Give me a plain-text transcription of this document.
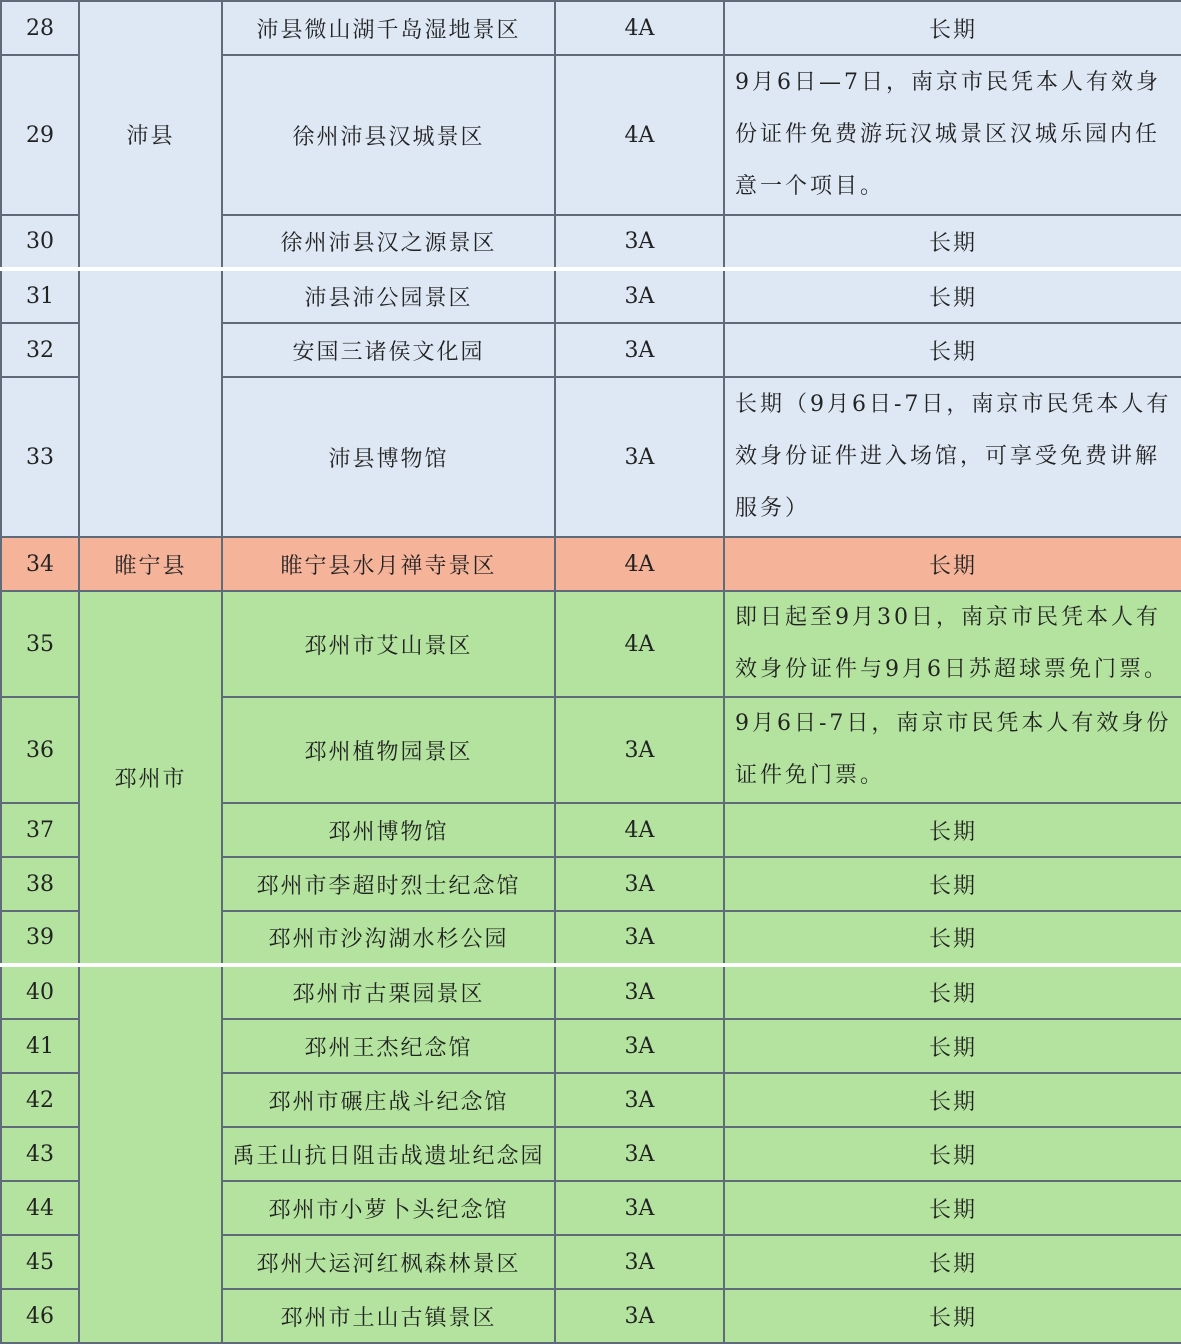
28	沛县	沛县微山湖千岛湿地景区	4A	长期
29		徐州沛县汉城景区	4A	9月6日—7日，南京市民凭本人有效身份证件免费游玩汉城景区汉城乐园内任意一个项目。
30		徐州沛县汉之源景区	3A	长期
31		沛县沛公园景区	3A	长期
32		安国三诸侯文化园	3A	长期
33		沛县博物馆	3A	长期（9月6日-7日，南京市民凭本人有效身份证件进入场馆，可享受免费讲解服务）
34	睢宁县	睢宁县水月禅寺景区	4A	长期
35	邳州市	邳州市艾山景区	4A	即日起至9月30日，南京市民凭本人有效身份证件与9月6日苏超球票免门票。
36		邳州植物园景区	3A	9月6日-7日，南京市民凭本人有效身份证件免门票。
37		邳州博物馆	4A	长期
38		邳州市李超时烈士纪念馆	3A	长期
39		邳州市沙沟湖水杉公园	3A	长期
40		邳州市古栗园景区	3A	长期
41		邳州王杰纪念馆	3A	长期
42		邳州市碾庄战斗纪念馆	3A	长期
43		禹王山抗日阻击战遗址纪念园	3A	长期
44		邳州市小萝卜头纪念馆	3A	长期
45		邳州大运河红枫森林景区	3A	长期
46		邳州市土山古镇景区	3A	长期
